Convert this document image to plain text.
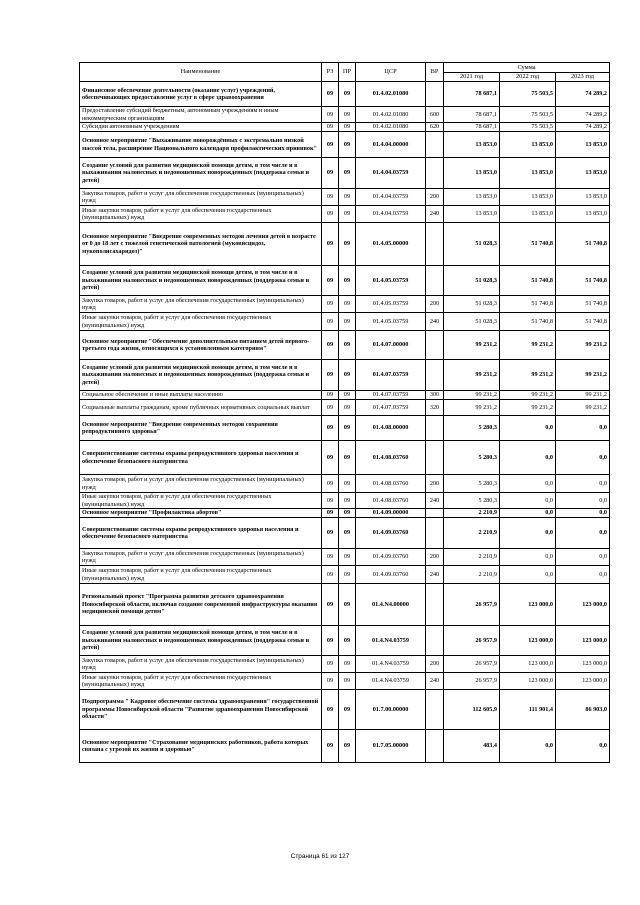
Наименование	РЗ	ПР	ЦСР	ВР	Сумма		
					2021 год	2022 год	2023 год
Финансовое обеспечение деятельности (оказание услуг) учреждений, обеспечивающих предоставление услуг в сфере здравоохранения	09	09	01.4.02.01080		78 687,1	75 503,5	74 289,2
Предоставление субсидий бюджетным, автономным учреждениям и иным некоммерческим организациям	09	09	01.4.02.01080	600	78 687,1	75 503,5	74 289,2
Субсидии автономным учреждениям	09	09	01.4.02.01080	620	78 687,1	75 503,5	74 289,2
Основное мероприятие "Выхаживание новорождённых с экстремально низкой массой тела, расширение Национального календаря профилактических прививок"	09	09	01.4.04.00000		13 853,0	13 853,0	13 853,0
Создание условий для развития медицинской помощи детям, в том числе и в выхаживании маловесных и недоношенных новорожденных (поддержка семьи и детей)	09	09	01.4.04.03759		13 853,0	13 853,0	13 853,0
Закупка товаров, работ и услуг для обеспечения государственных (муниципальных) нужд	09	09	01.4.04.03759	200	13 853,0	13 853,0	13 853,0
Иные закупки товаров, работ и услуг для обеспечения государственных (муниципальных) нужд	09	09	01.4.04.03759	240	13 853,0	13 853,0	13 853,0
Основное мероприятие "Внедрение современных методов лечения детей в возрасте от 0 до 18 лет с тяжелой генетической патологией (муковисцидоз, мукополисахаридоз)"	09	09	01.4.05.00000		51 028,3	51 740,8	51 740,8
Создание условий для развития медицинской помощи детям, в том числе и в выхаживании маловесных и недоношенных новорожденных (поддержка семьи и детей)	09	09	01.4.05.03759		51 028,3	51 740,8	51 740,8
Закупка товаров, работ и услуг для обеспечения государственных (муниципальных) нужд	09	09	01.4.05.03759	200	51 028,3	51 740,8	51 740,8
Иные закупки товаров, работ и услуг для обеспечения государственных (муниципальных) нужд	09	09	01.4.05.03759	240	51 028,3	51 740,8	51 740,8
Основное мероприятие "Обеспечение дополнительным питанием детей первого-третьего года жизни, относящихся к установленным категориям"	09	09	01.4.07.00000		99 231,2	99 231,2	99 231,2
Создание условий для развития медицинской помощи детям, в том числе и в выхаживании маловесных и недоношенных новорожденных (поддержка семьи и детей)	09	09	01.4.07.03759		99 231,2	99 231,2	99 231,2
Социальное обеспечение и иные выплаты населению	09	09	01.4.07.03759	300	99 231,2	99 231,2	99 231,2
Социальные выплаты гражданам, кроме публичных нормативных социальных выплат	09	09	01.4.07.03759	320	99 231,2	99 231,2	99 231,2
Основное мероприятие "Внедрение современных методов сохранения репродуктивного здоровья"	09	09	01.4.08.00000		5 280,3	0,0	0,0
Совершенствование системы охраны репродуктивного здоровья населения и обеспечение безопасного материнства	09	09	01.4.08.03760		5 280,3	0,0	0,0
Закупка товаров, работ и услуг для обеспечения государственных (муниципальных) нужд	09	09	01.4.08.03760	200	5 280,3	0,0	0,0
Иные закупки товаров, работ и услуг для обеспечения государственных (муниципальных) нужд	09	09	01.4.08.03760	240	5 280,3	0,0	0,0
Основное мероприятие "Профилактика абортов"	09	09	01.4.09.00000		2 210,9	0,0	0,0
Совершенствование системы охраны репродуктивного здоровья населения и обеспечение безопасного материнства	09	09	01.4.09.03760		2 210,9	0,0	0,0
Закупка товаров, работ и услуг для обеспечения государственных (муниципальных) нужд	09	09	01.4.09.03760	200	2 210,9	0,0	0,0
Иные закупки товаров, работ и услуг для обеспечения государственных (муниципальных) нужд	09	09	01.4.09.03760	240	2 210,9	0,0	0,0
Региональный проект "Программа развития детского здравоохранения Новосибирской области, включая создание современной инфраструктуры оказания медицинской помощи детям"	09	09	01.4.N4.00000		26 957,9	123 000,0	123 000,0
Создание условий для развития медицинской помощи детям, в том числе и в выхаживании маловесных и недоношенных новорожденных (поддержка семьи и детей)	09	09	01.4.N4.03759		26 957,9	123 000,0	123 000,0
Закупка товаров, работ и услуг для обеспечения государственных (муниципальных) нужд	09	09	01.4.N4.03759	200	26 957,9	123 000,0	123 000,0
Иные закупки товаров, работ и услуг для обеспечения государственных (муниципальных) нужд	09	09	01.4.N4.03759	240	26 957,9	123 000,0	123 000,0
Подпрограмма " Кадровое обеспечение системы здравоохранения" государственной программы Новосибирской области "Развитие здравоохранения Новосибирской области"	09	09	01.7.00.00000		112 605,9	111 901,4	86 903,0
Основное мероприятие "Страхование медицинских работников, работа которых связана с угрозой их жизни и здоровью"	09	09	01.7.05.00000		483,4	0,0	0,0
Страница 61 из 127
